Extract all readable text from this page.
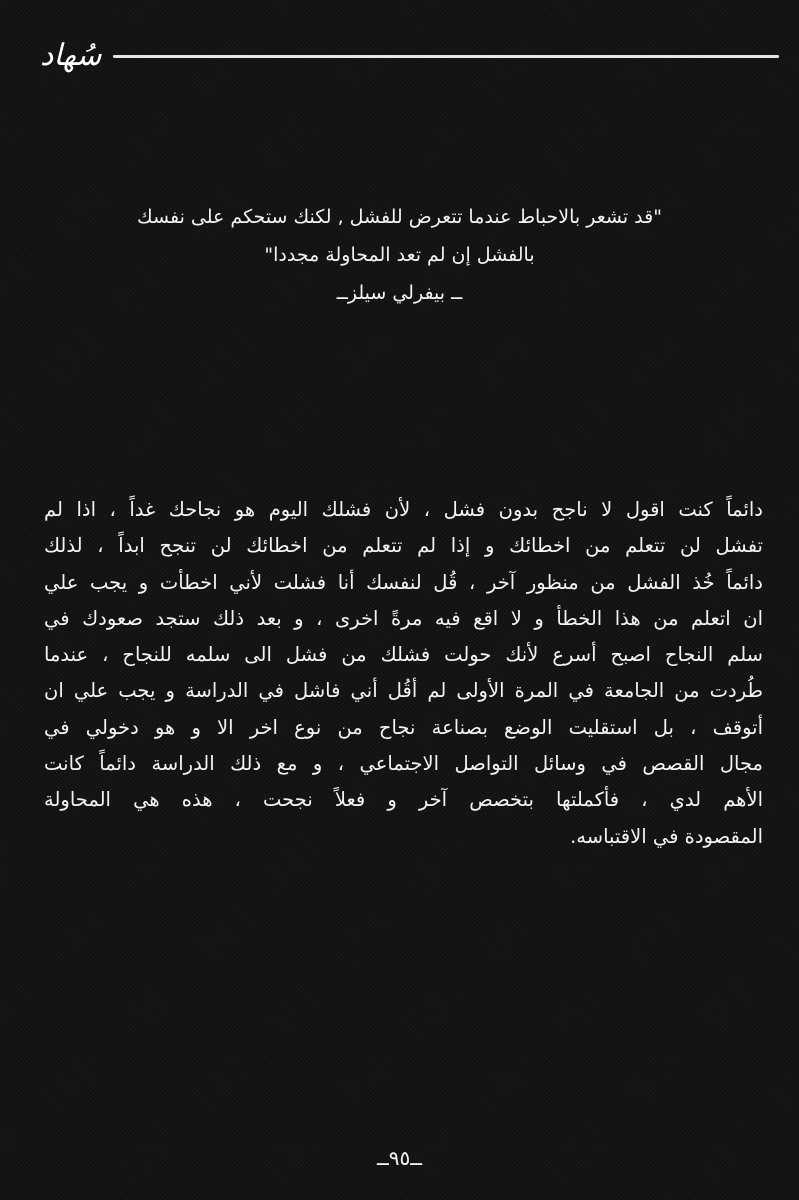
سُهاد
"قد تشعر بالاحباط عندما تتعرض للفشل , لكنك ستحكم على نفسك
بالفشل إن لم تعد المحاولة مجددا"
ــ بيفرلي سيلزــ
دائماً كنت اقول لا ناجح بدون فشل ، لأن فشلك اليوم هو نجاحك غداً ، اذا لم
تفشل لن تتعلم من اخطائك و إذا لم تتعلم من اخطائك لن تنجح ابداً ، لذلك
دائماً خُذ الفشل من منظور آخر ، قُل لنفسك أنا فشلت لأني اخطأت و يجب علي
ان اتعلم من هذا الخطأ و لا اقع فيه مرةً اخرى ، و بعد ذلك ستجد صعودك في
سلم النجاح اصبح أسرع لأنك حولت فشلك من فشل الى سلمه للنجاح ، عندما
طُردت من الجامعة في المرة الأولى لم أقُل أني فاشل في الدراسة و يجب علي ان
أتوقف ، بل استقليت الوضع بصناعة نجاح من نوع اخر الا و هو دخولي في
مجال القصص في وسائل التواصل الاجتماعي ، و مع ذلك الدراسة دائماً كانت
الأهم لدي ، فأكملتها بتخصص آخر و فعلاً نجحت ، هذه هي المحاولة
المقصودة في الاقتباسه.
ــ٩٥ــ
